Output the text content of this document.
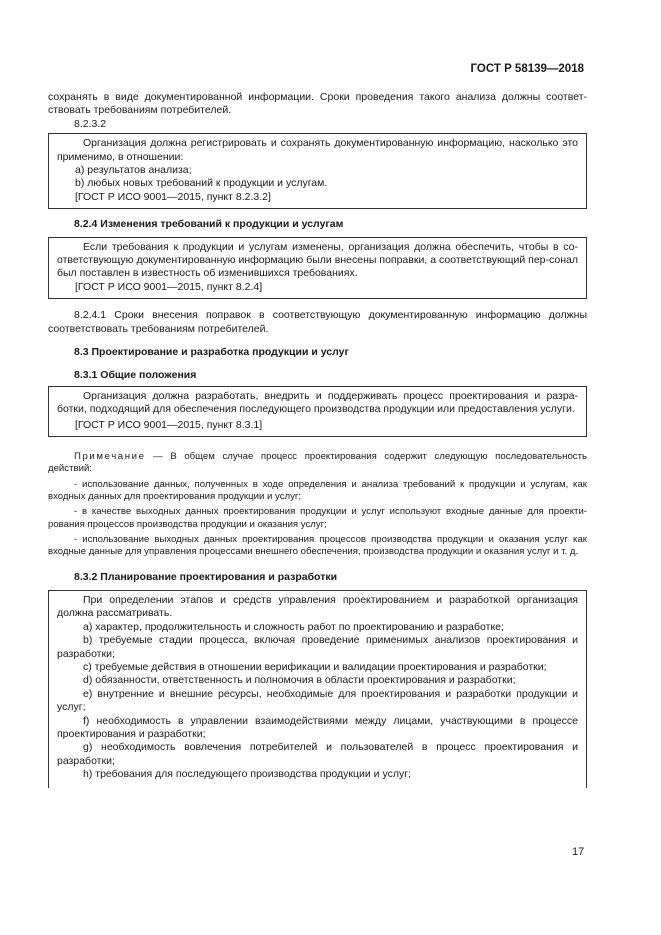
ГОСТ Р 58139—2018

сохранять в виде документированной информации. Сроки проведения такого анализа должны соответ-ствовать требованиям потребителей.

8.2.3.2

Организация должна регистрировать и сохранять документированную информацию, насколько это применимо, в отношении:

a) результатов анализа;

b) любых новых требований к продукции и услугам.

[ГОСТ Р ИСО 9001—2015, пункт 8.2.3.2]

8.2.4 Изменения требований к продукции и услугам

Если требования к продукции и услугам изменены, организация должна обеспечить, чтобы в со-ответствующую документированную информацию были внесены поправки, а соответствующий пер-сонал был поставлен в известность об изменившихся требованиях.

[ГОСТ Р ИСО 9001—2015, пункт 8.2.4]

8.2.4.1 Сроки внесения поправок в соответствующую документированную информацию должны соответствовать требованиям потребителей.

8.3 Проектирование и разработка продукции и услуг

8.3.1 Общие положения

Организация должна разработать, внедрить и поддерживать процесс проектирования и разра-ботки, подходящий для обеспечения последующего производства продукции или предоставления услуги.

[ГОСТ Р ИСО 9001—2015, пункт 8.3.1]

Примечание — В общем случае процесс проектирования содержит следующую последовательность действий:

- использование данных, полученных в ходе определения и анализа требований к продукции и услугам, как входных данных для проектирования продукции и услуг;

- в качестве выходных данных проектирования продукции и услуг используют входные данные для проекти-рования процессов производства продукции и оказания услуг;

- использование выходных данных проектирования процессов производства продукции и оказания услуг как входные данные для управления процессами внешнего обеспечения, производства продукции и оказания услуг и т. д.

8.3.2 Планирование проектирования и разработки

При определении этапов и средств управления проектированием и разработкой организация должна рассматривать.

a) характер, продолжительность и сложность работ по проектированию и разработке;

b) требуемые стадии процесса, включая проведение применимых анализов проектирования и разработки;

c) требуемые действия в отношении верификации и валидации проектирования и разработки;

d) обязанности, ответственность и полномочия в области проектирования и разработки;

e) внутренние и внешние ресурсы, необходимые для проектирования и разработки продукции и услуг;

f) необходимость в управлении взаимодействиями между лицами, участвующими в процессе проектирования и разработки;

g) необходимость вовлечения потребителей и пользователей в процесс проектирования и разработки;

h) требования для последующего производства продукции и услуг;

17
